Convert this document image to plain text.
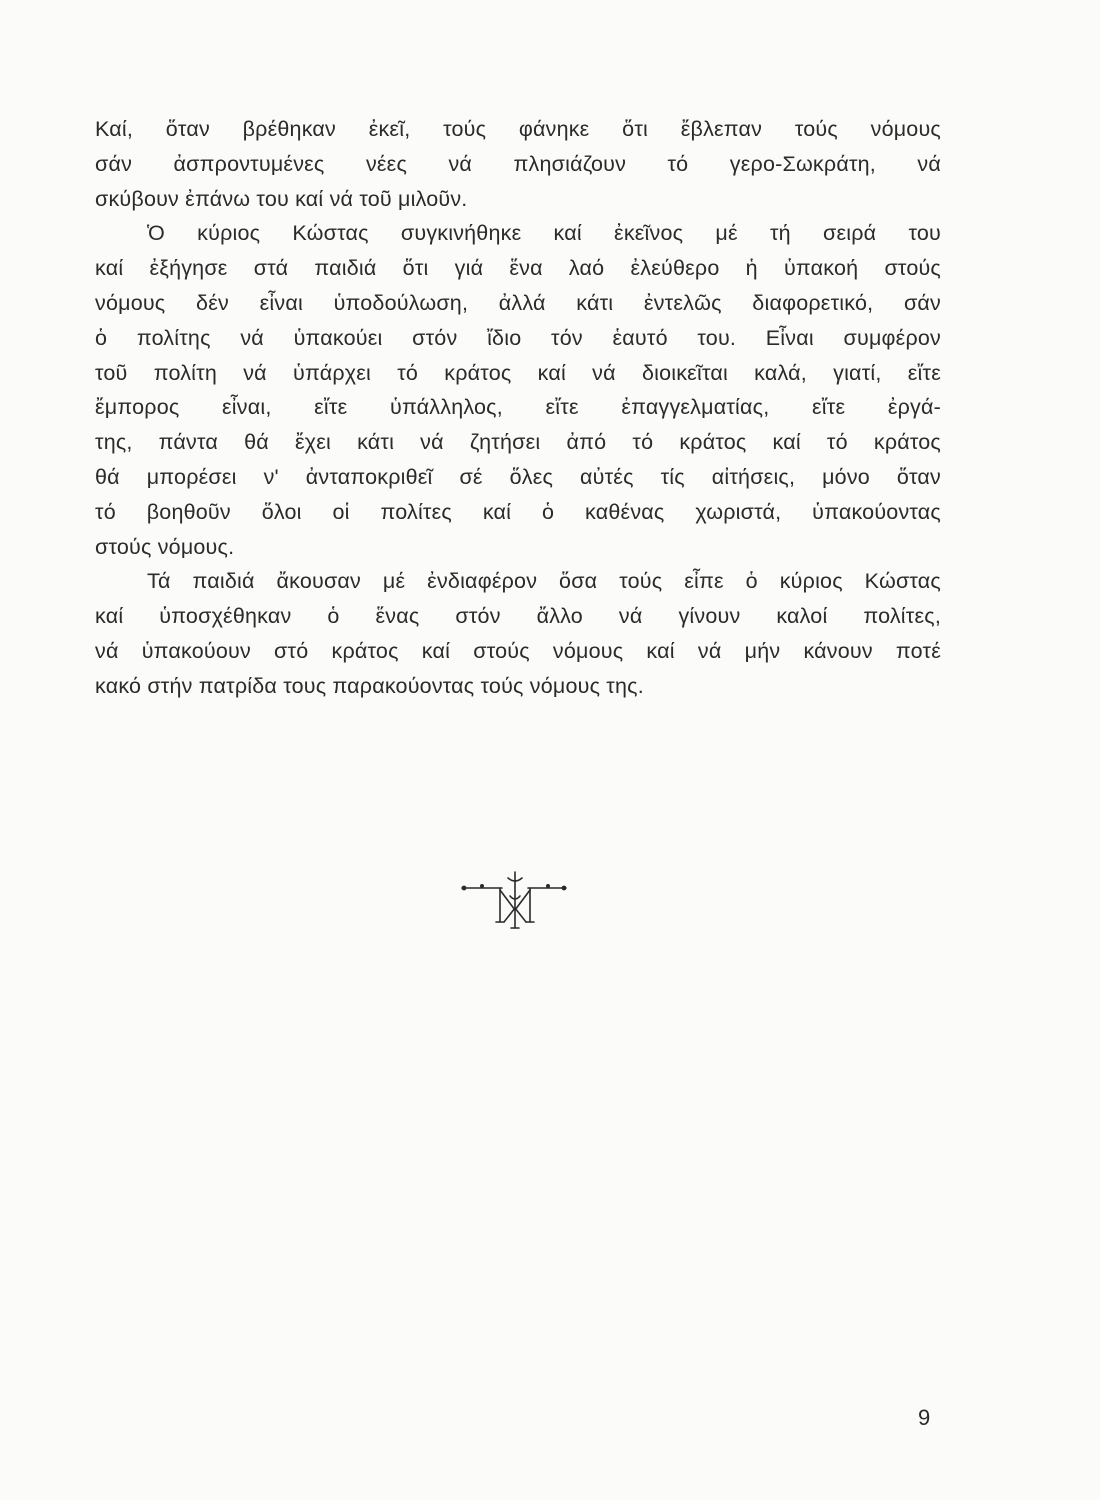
Καί, ὅταν βρέθηκαν ἐκεῖ, τούς φάνηκε ὅτι ἔβλεπαν τούς νόμους
σάν ἀσπροντυμένες νέες νά πλησιάζουν τό γερο-Σωκράτη, νά
σκύβουν ἐπάνω του καί νά τοῦ μιλοῦν.
Ὁ κύριος Κώστας συγκινήθηκε καί ἐκεῖνος μέ τή σειρά του
καί ἐξήγησε στά παιδιά ὅτι γιά ἕνα λαό ἐλεύθερο ἡ ὑπακοή στούς
νόμους δέν εἶναι ὑποδούλωση, ἀλλά κάτι ἐντελῶς διαφορετικό, σάν
ὁ πολίτης νά ὑπακούει στόν ἴδιο τόν ἑαυτό του. Εἶναι συμφέρον
τοῦ πολίτη νά ὑπάρχει τό κράτος καί νά διοικεῖται καλά, γιατί, εἴτε
ἔμπορος εἶναι, εἴτε ὑπάλληλος, εἴτε ἐπαγγελματίας, εἴτε ἐργά-
της, πάντα θά ἔχει κάτι νά ζητήσει ἀπό τό κράτος καί τό κράτος
θά μπορέσει ν' ἀνταποκριθεῖ σέ ὅλες αὐτές τίς αἰτήσεις, μόνο ὅταν
τό βοηθοῦν ὅλοι οἱ πολίτες καί ὁ καθένας χωριστά, ὑπακούοντας
στούς νόμους.
Τά παιδιά ἄκουσαν μέ ἐνδιαφέρον ὅσα τούς εἶπε ὁ κύριος Κώστας
καί ὑποσχέθηκαν ὁ ἕνας στόν ἄλλο νά γίνουν καλοί πολίτες,
νά ὑπακούουν στό κράτος καί στούς νόμους καί νά μήν κάνουν ποτέ
κακό στήν πατρίδα τους παρακούοντας τούς νόμους της.
9
